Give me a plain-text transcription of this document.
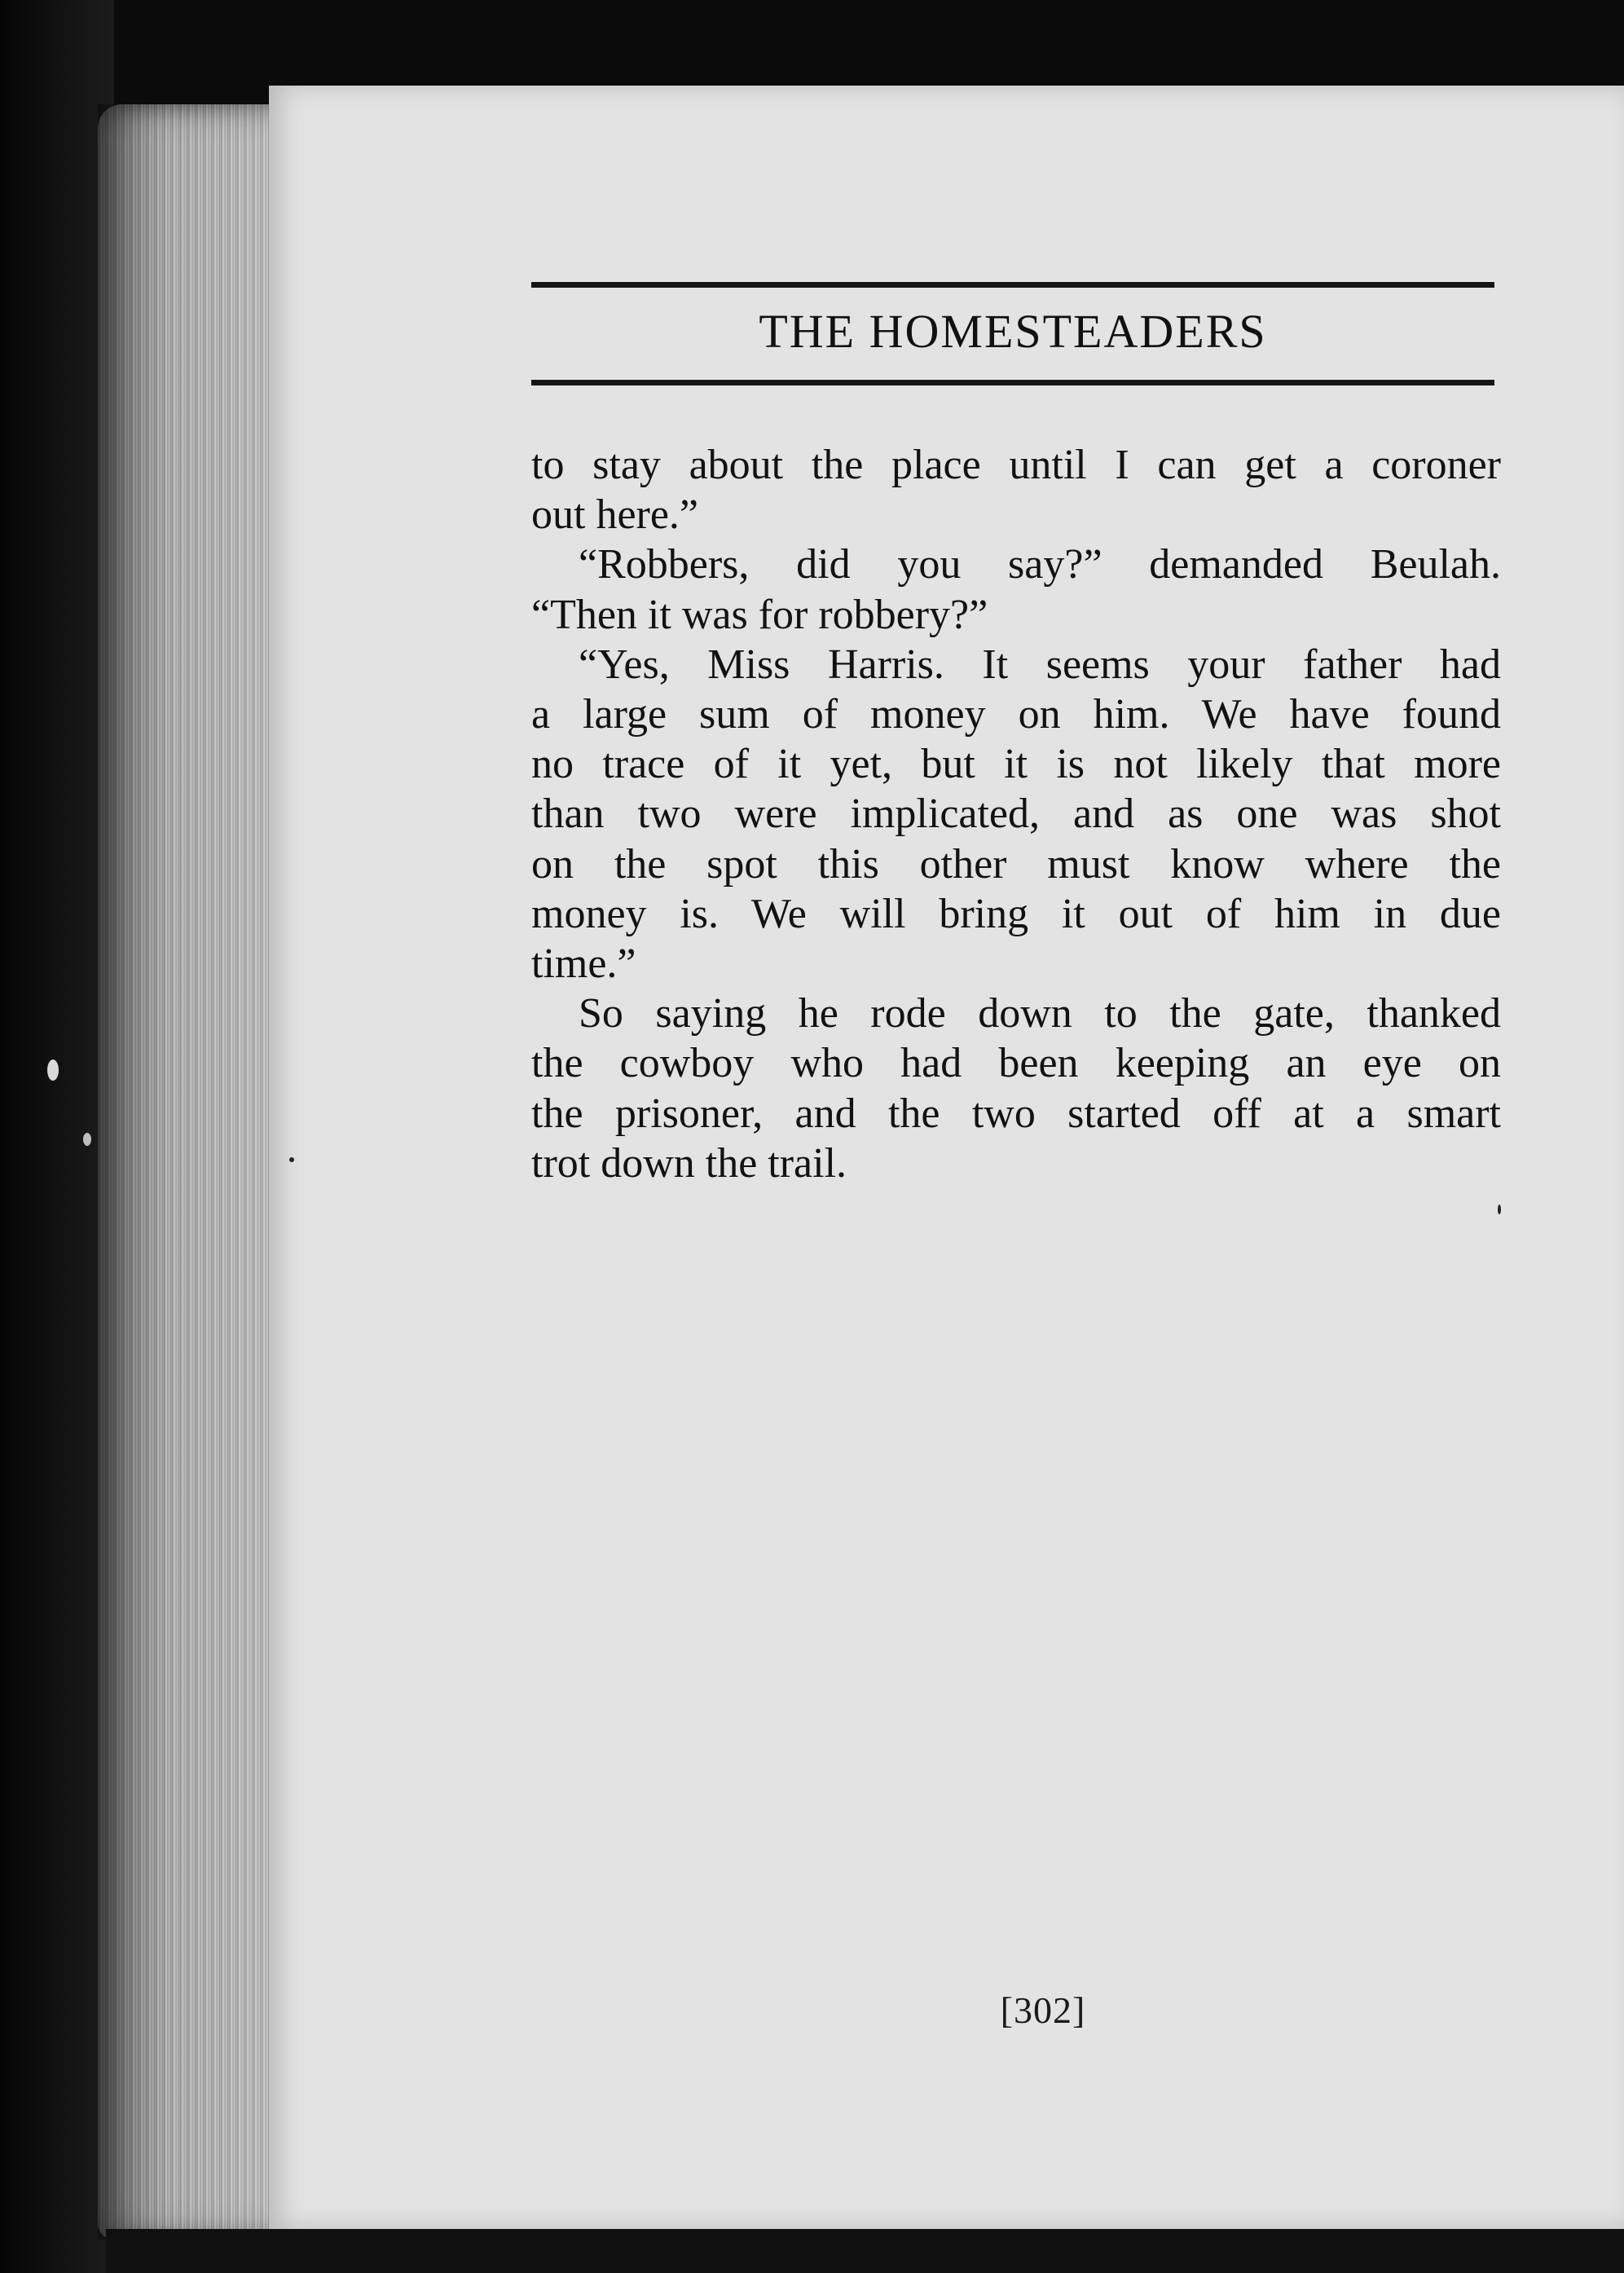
THE HOMESTEADERS
to stay about the place until I can get a coroner
out here.”
“Robbers, did you say?” demanded Beulah.
“Then it was for robbery?”
“Yes, Miss Harris. It seems your father had
a large sum of money on him. We have found
no trace of it yet, but it is not likely that more
than two were implicated, and as one was shot
on the spot this other must know where the
money is. We will bring it out of him in due
time.”
So saying he rode down to the gate, thanked
the cowboy who had been keeping an eye on
the prisoner, and the two started off at a smart
trot down the trail.
[302]
